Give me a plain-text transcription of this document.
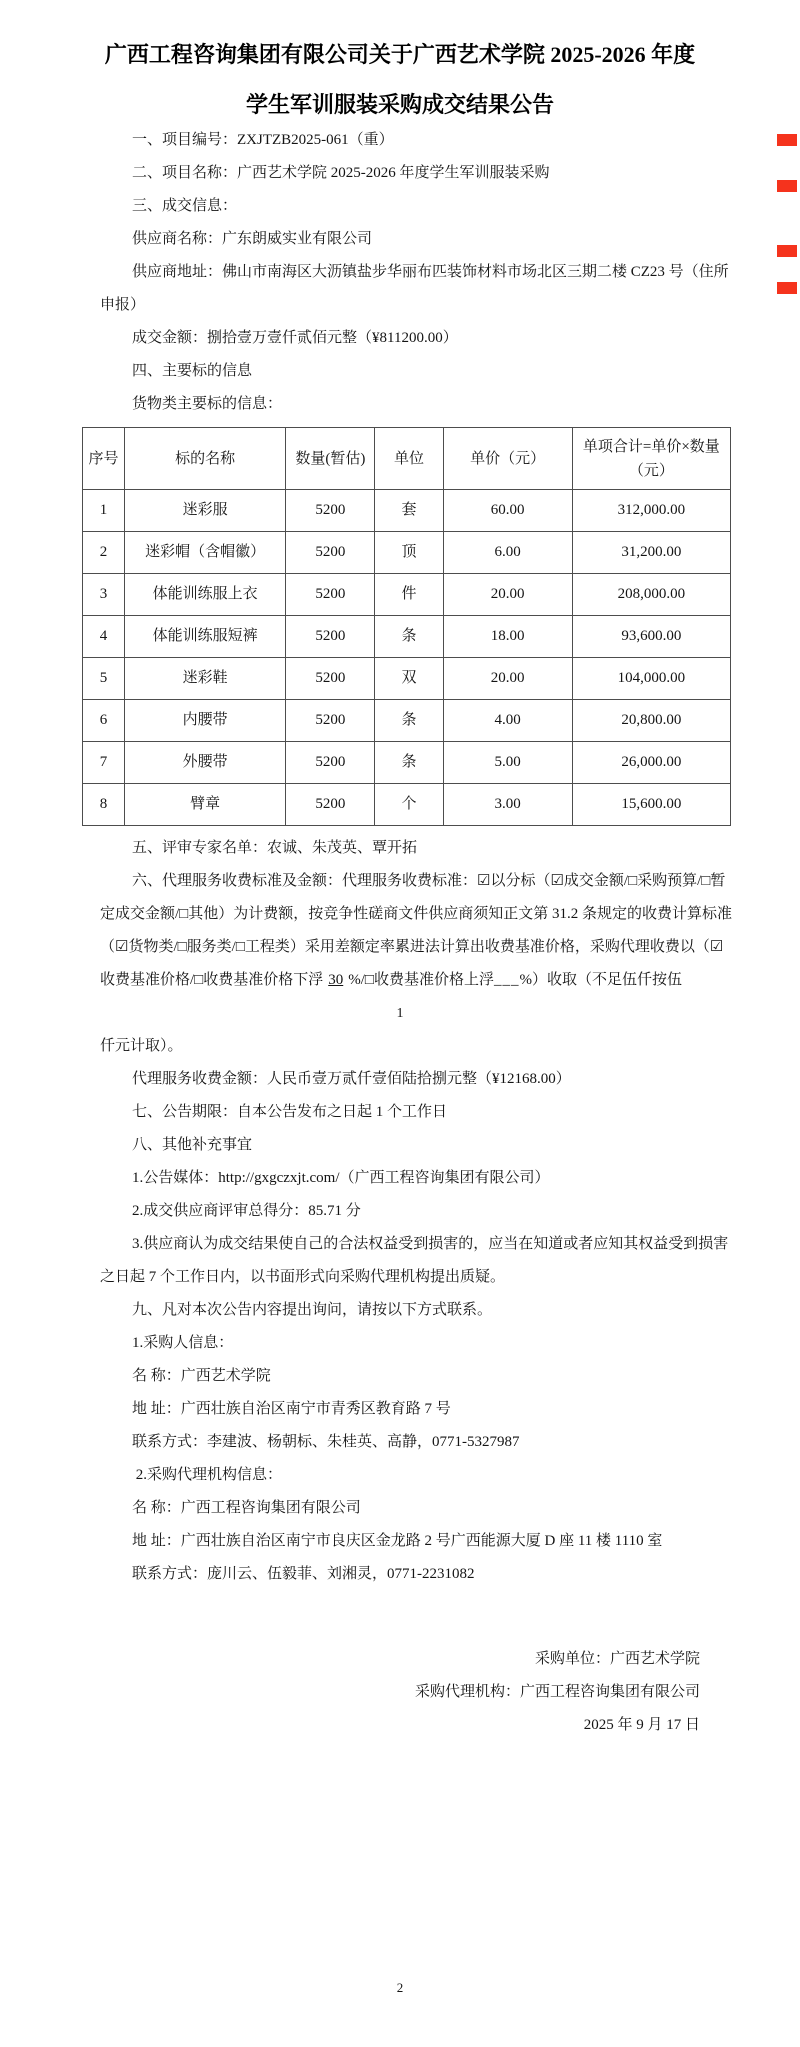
广西工程咨询集团有限公司关于广西艺术学院 2025-2026 年度
学生军训服装采购成交结果公告

一、项目编号：ZXJTZB2025-061（重）

二、项目名称：广西艺术学院 2025-2026 年度学生军训服装采购

三、成交信息：

供应商名称：广东朗威实业有限公司

供应商地址：佛山市南海区大沥镇盐步华丽布匹装饰材料市场北区三期二楼 CZ23 号（住所申报）

成交金额：捌拾壹万壹仟贰佰元整（¥811200.00）

四、主要标的信息

货物类主要标的信息：

序号	标的名称	数量(暂估)	单位	单价（元）	单项合计=单价×数量（元）
1	迷彩服	5200	套	60.00	312,000.00
2	迷彩帽（含帽徽）	5200	顶	6.00	31,200.00
3	体能训练服上衣	5200	件	20.00	208,000.00
4	体能训练服短裤	5200	条	18.00	93,600.00
5	迷彩鞋	5200	双	20.00	104,000.00
6	内腰带	5200	条	4.00	20,800.00
7	外腰带	5200	条	5.00	26,000.00
8	臂章	5200	个	3.00	15,600.00

五、评审专家名单：农诚、朱茂英、覃开拓

六、代理服务收费标准及金额：代理服务收费标准：☑以分标（☑成交金额/□采购预算/□暂定成交金额/□其他）为计费额，按竞争性磋商文件供应商须知正文第 31.2 条规定的收费计算标准（☑货物类/□服务类/□工程类）采用差额定率累进法计算出收费基准价格，采购代理收费以（☑收费基准价格/□收费基准价格下浮 30 %/□收费基准价格上浮___%）收取（不足伍仟按伍

1

仟元计取）。

代理服务收费金额：人民币壹万贰仟壹佰陆拾捌元整（¥12168.00）

七、公告期限：自本公告发布之日起 1 个工作日

八、其他补充事宜

1.公告媒体：http://gxgczxjt.com/（广西工程咨询集团有限公司）

2.成交供应商评审总得分：85.71 分

3.供应商认为成交结果使自己的合法权益受到损害的，应当在知道或者应知其权益受到损害之日起 7 个工作日内，以书面形式向采购代理机构提出质疑。

九、凡对本次公告内容提出询问，请按以下方式联系。

1.采购人信息：

名 称：广西艺术学院

地 址：广西壮族自治区南宁市青秀区教育路 7 号

联系方式：李建波、杨朝标、朱桂英、高静，0771-5327987

2.采购代理机构信息：

名 称：广西工程咨询集团有限公司

地 址：广西壮族自治区南宁市良庆区金龙路 2 号广西能源大厦 D 座 11 楼 1110 室

联系方式：庞川云、伍毅菲、刘湘灵，0771-2231082

采购单位：广西艺术学院
采购代理机构：广西工程咨询集团有限公司
2025 年 9 月 17 日
2
